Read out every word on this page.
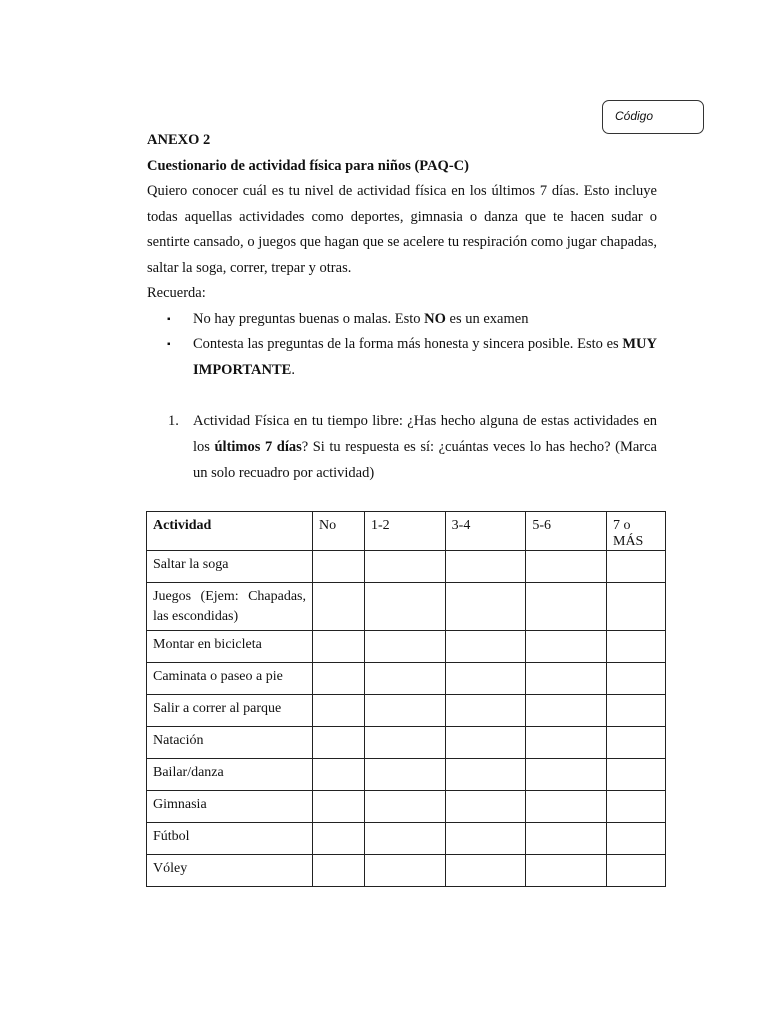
Código
ANEXO 2
Cuestionario de actividad física para niños (PAQ-C)
Quiero conocer cuál es tu nivel de actividad física en los últimos 7 días. Esto incluye todas aquellas actividades como deportes, gimnasia o danza que te hacen sudar o sentirte cansado, o juegos que hagan que se acelere tu respiración como jugar chapadas, saltar la soga, correr, trepar y otras.
Recuerda:
▪ No hay preguntas buenas o malas. Esto NO es un examen
▪ Contesta las preguntas de la forma más honesta y sincera posible. Esto es MUY IMPORTANTE.
1. Actividad Física en tu tiempo libre: ¿Has hecho alguna de estas actividades en los últimos 7 días? Si tu respuesta es sí: ¿cuántas veces lo has hecho? (Marca un solo recuadro por actividad)
Actividad	No	1-2	3-4	5-6	7 o MÁS
Saltar la soga					
Juegos (Ejem: Chapadas, las escondidas)					
Montar en bicicleta					
Caminata o paseo a pie					
Salir a correr al parque					
Natación					
Bailar/danza					
Gimnasia					
Fútbol					
Vóley					
